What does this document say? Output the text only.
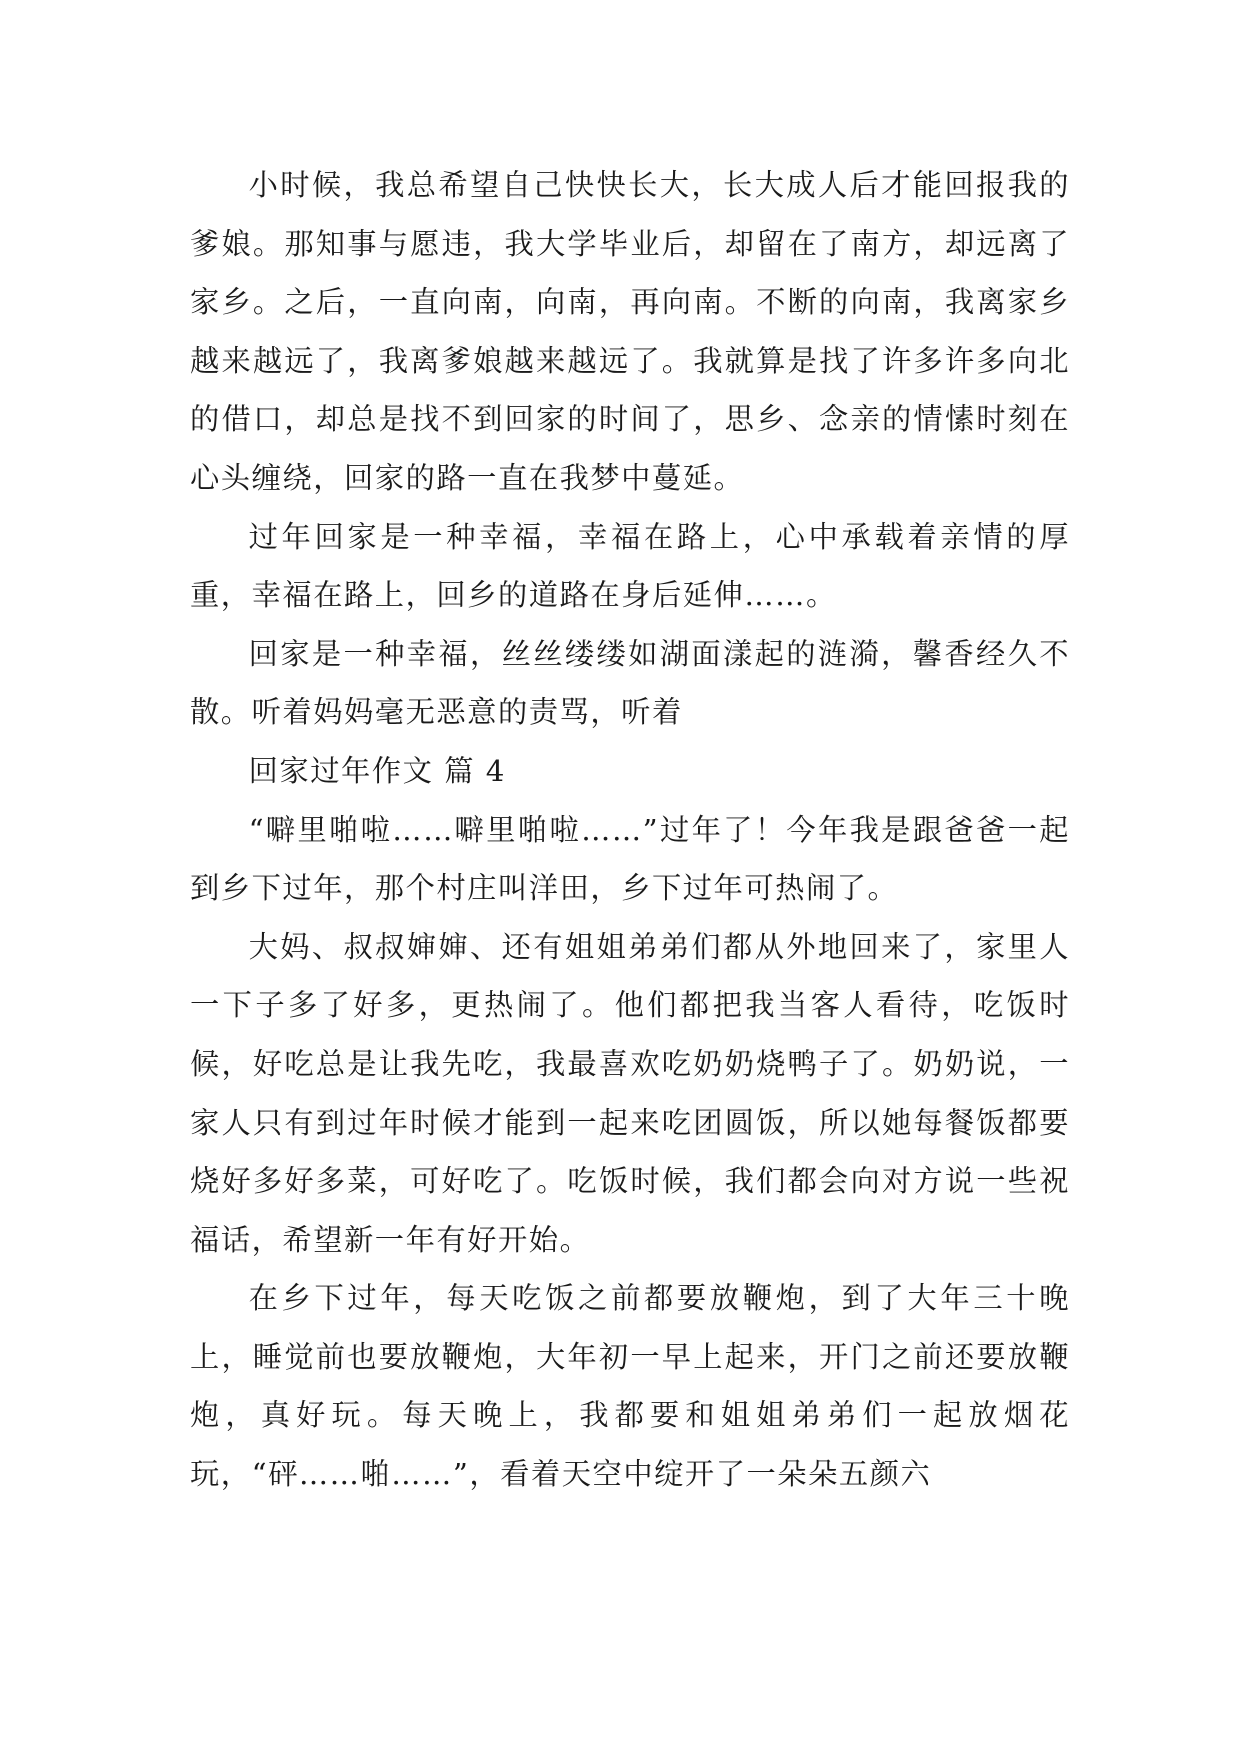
小时候，我总希望自己快快长大，长大成人后才能回报我的爹娘。那知事与愿违，我大学毕业后，却留在了南方，却远离了家乡。之后，一直向南，向南，再向南。不断的向南，我离家乡越来越远了，我离爹娘越来越远了。我就算是找了许多许多向北的借口，却总是找不到回家的时间了，思乡、念亲的情愫时刻在心头缠绕，回家的路一直在我梦中蔓延。

过年回家是一种幸福，幸福在路上，心中承载着亲情的厚重，幸福在路上，回乡的道路在身后延伸……。

回家是一种幸福，丝丝缕缕如湖面漾起的涟漪，馨香经久不散。听着妈妈毫无恶意的责骂，听着

回家过年作文 篇 4

“噼里啪啦……噼里啪啦……”过年了！今年我是跟爸爸一起到乡下过年，那个村庄叫洋田，乡下过年可热闹了。

大妈、叔叔婶婶、还有姐姐弟弟们都从外地回来了，家里人一下子多了好多，更热闹了。他们都把我当客人看待，吃饭时候，好吃总是让我先吃，我最喜欢吃奶奶烧鸭子了。奶奶说，一家人只有到过年时候才能到一起来吃团圆饭，所以她每餐饭都要烧好多好多菜，可好吃了。吃饭时候，我们都会向对方说一些祝福话，希望新一年有好开始。

在乡下过年，每天吃饭之前都要放鞭炮，到了大年三十晚上，睡觉前也要放鞭炮，大年初一早上起来，开门之前还要放鞭炮，真好玩。每天晚上，我都要和姐姐弟弟们一起放烟花玩，“砰……啪……”，看着天空中绽开了一朵朵五颜六
